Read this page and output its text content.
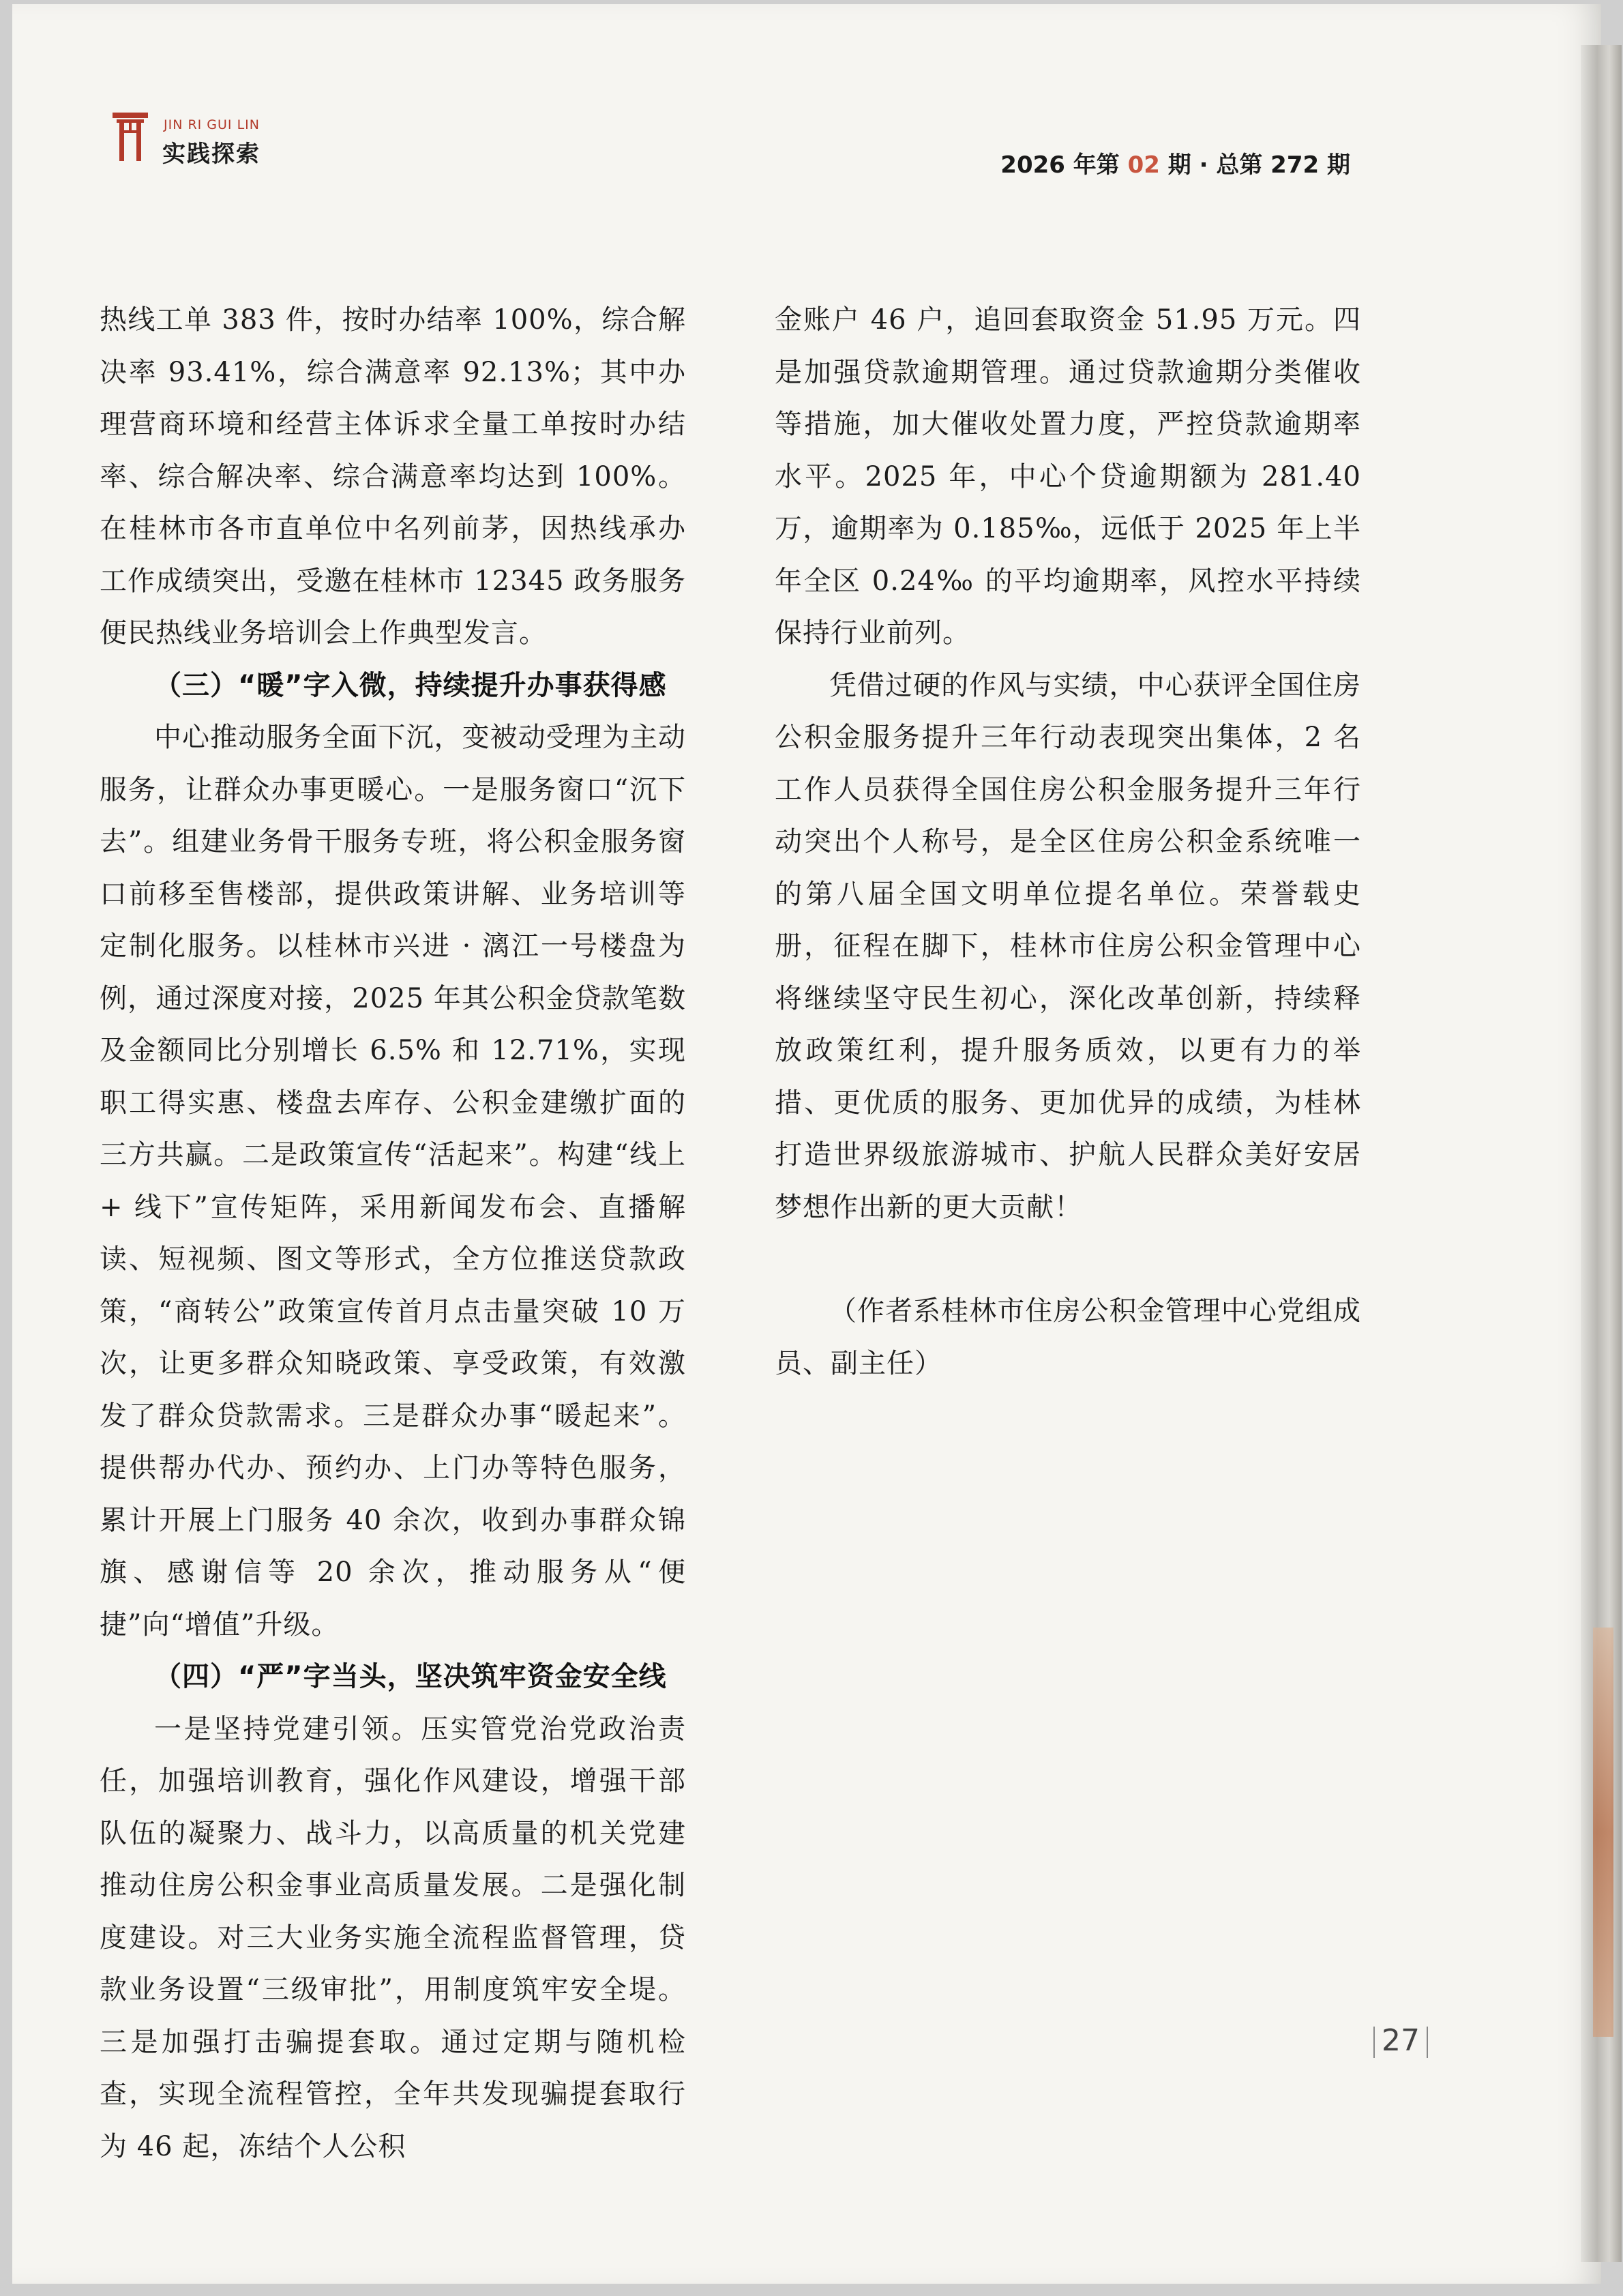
JIN RI GUI LIN
实践探索	2026 年第 02 期 · 总第 272 期

热线工单 383 件，按时办结率 100%，综合解决率 93.41%，综合满意率 92.13%；其中办理营商环境和经营主体诉求全量工单按时办结率、综合解决率、综合满意率均达到 100%。在桂林市各市直单位中名列前茅，因热线承办工作成绩突出，受邀在桂林市 12345 政务服务便民热线业务培训会上作典型发言。

（三）“暖”字入微，持续提升办事获得感

中心推动服务全面下沉，变被动受理为主动服务，让群众办事更暖心。一是服务窗口“沉下去”。组建业务骨干服务专班，将公积金服务窗口前移至售楼部，提供政策讲解、业务培训等定制化服务。以桂林市兴进 · 漓江一号楼盘为例，通过深度对接，2025 年其公积金贷款笔数及金额同比分别增长 6.5% 和 12.71%，实现职工得实惠、楼盘去库存、公积金建缴扩面的三方共赢。二是政策宣传“活起来”。构建“线上 + 线下”宣传矩阵，采用新闻发布会、直播解读、短视频、图文等形式，全方位推送贷款政策，“商转公”政策宣传首月点击量突破 10 万次，让更多群众知晓政策、享受政策，有效激发了群众贷款需求。三是群众办事“暖起来”。提供帮办代办、预约办、上门办等特色服务，累计开展上门服务 40 余次，收到办事群众锦旗、感谢信等 20 余次，推动服务从“便捷”向“增值”升级。

（四）“严”字当头，坚决筑牢资金安全线

一是坚持党建引领。压实管党治党政治责任，加强培训教育，强化作风建设，增强干部队伍的凝聚力、战斗力，以高质量的机关党建推动住房公积金事业高质量发展。二是强化制度建设。对三大业务实施全流程监督管理，贷款业务设置“三级审批”，用制度筑牢安全堤。三是加强打击骗提套取。通过定期与随机检查，实现全流程管控，全年共发现骗提套取行为 46 起，冻结个人公积

金账户 46 户，追回套取资金 51.95 万元。四是加强贷款逾期管理。通过贷款逾期分类催收等措施，加大催收处置力度，严控贷款逾期率水平。2025 年，中心个贷逾期额为 281.40 万，逾期率为 0.185‰，远低于 2025 年上半年全区 0.24‰ 的平均逾期率，风控水平持续保持行业前列。

凭借过硬的作风与实绩，中心获评全国住房公积金服务提升三年行动表现突出集体，2 名工作人员获得全国住房公积金服务提升三年行动突出个人称号，是全区住房公积金系统唯一的第八届全国文明单位提名单位。荣誉载史册，征程在脚下，桂林市住房公积金管理中心将继续坚守民生初心，深化改革创新，持续释放政策红利，提升服务质效，以更有力的举措、更优质的服务、更加优异的成绩，为桂林打造世界级旅游城市、护航人民群众美好安居梦想作出新的更大贡献！

（作者系桂林市住房公积金管理中心党组成员、副主任）

27
